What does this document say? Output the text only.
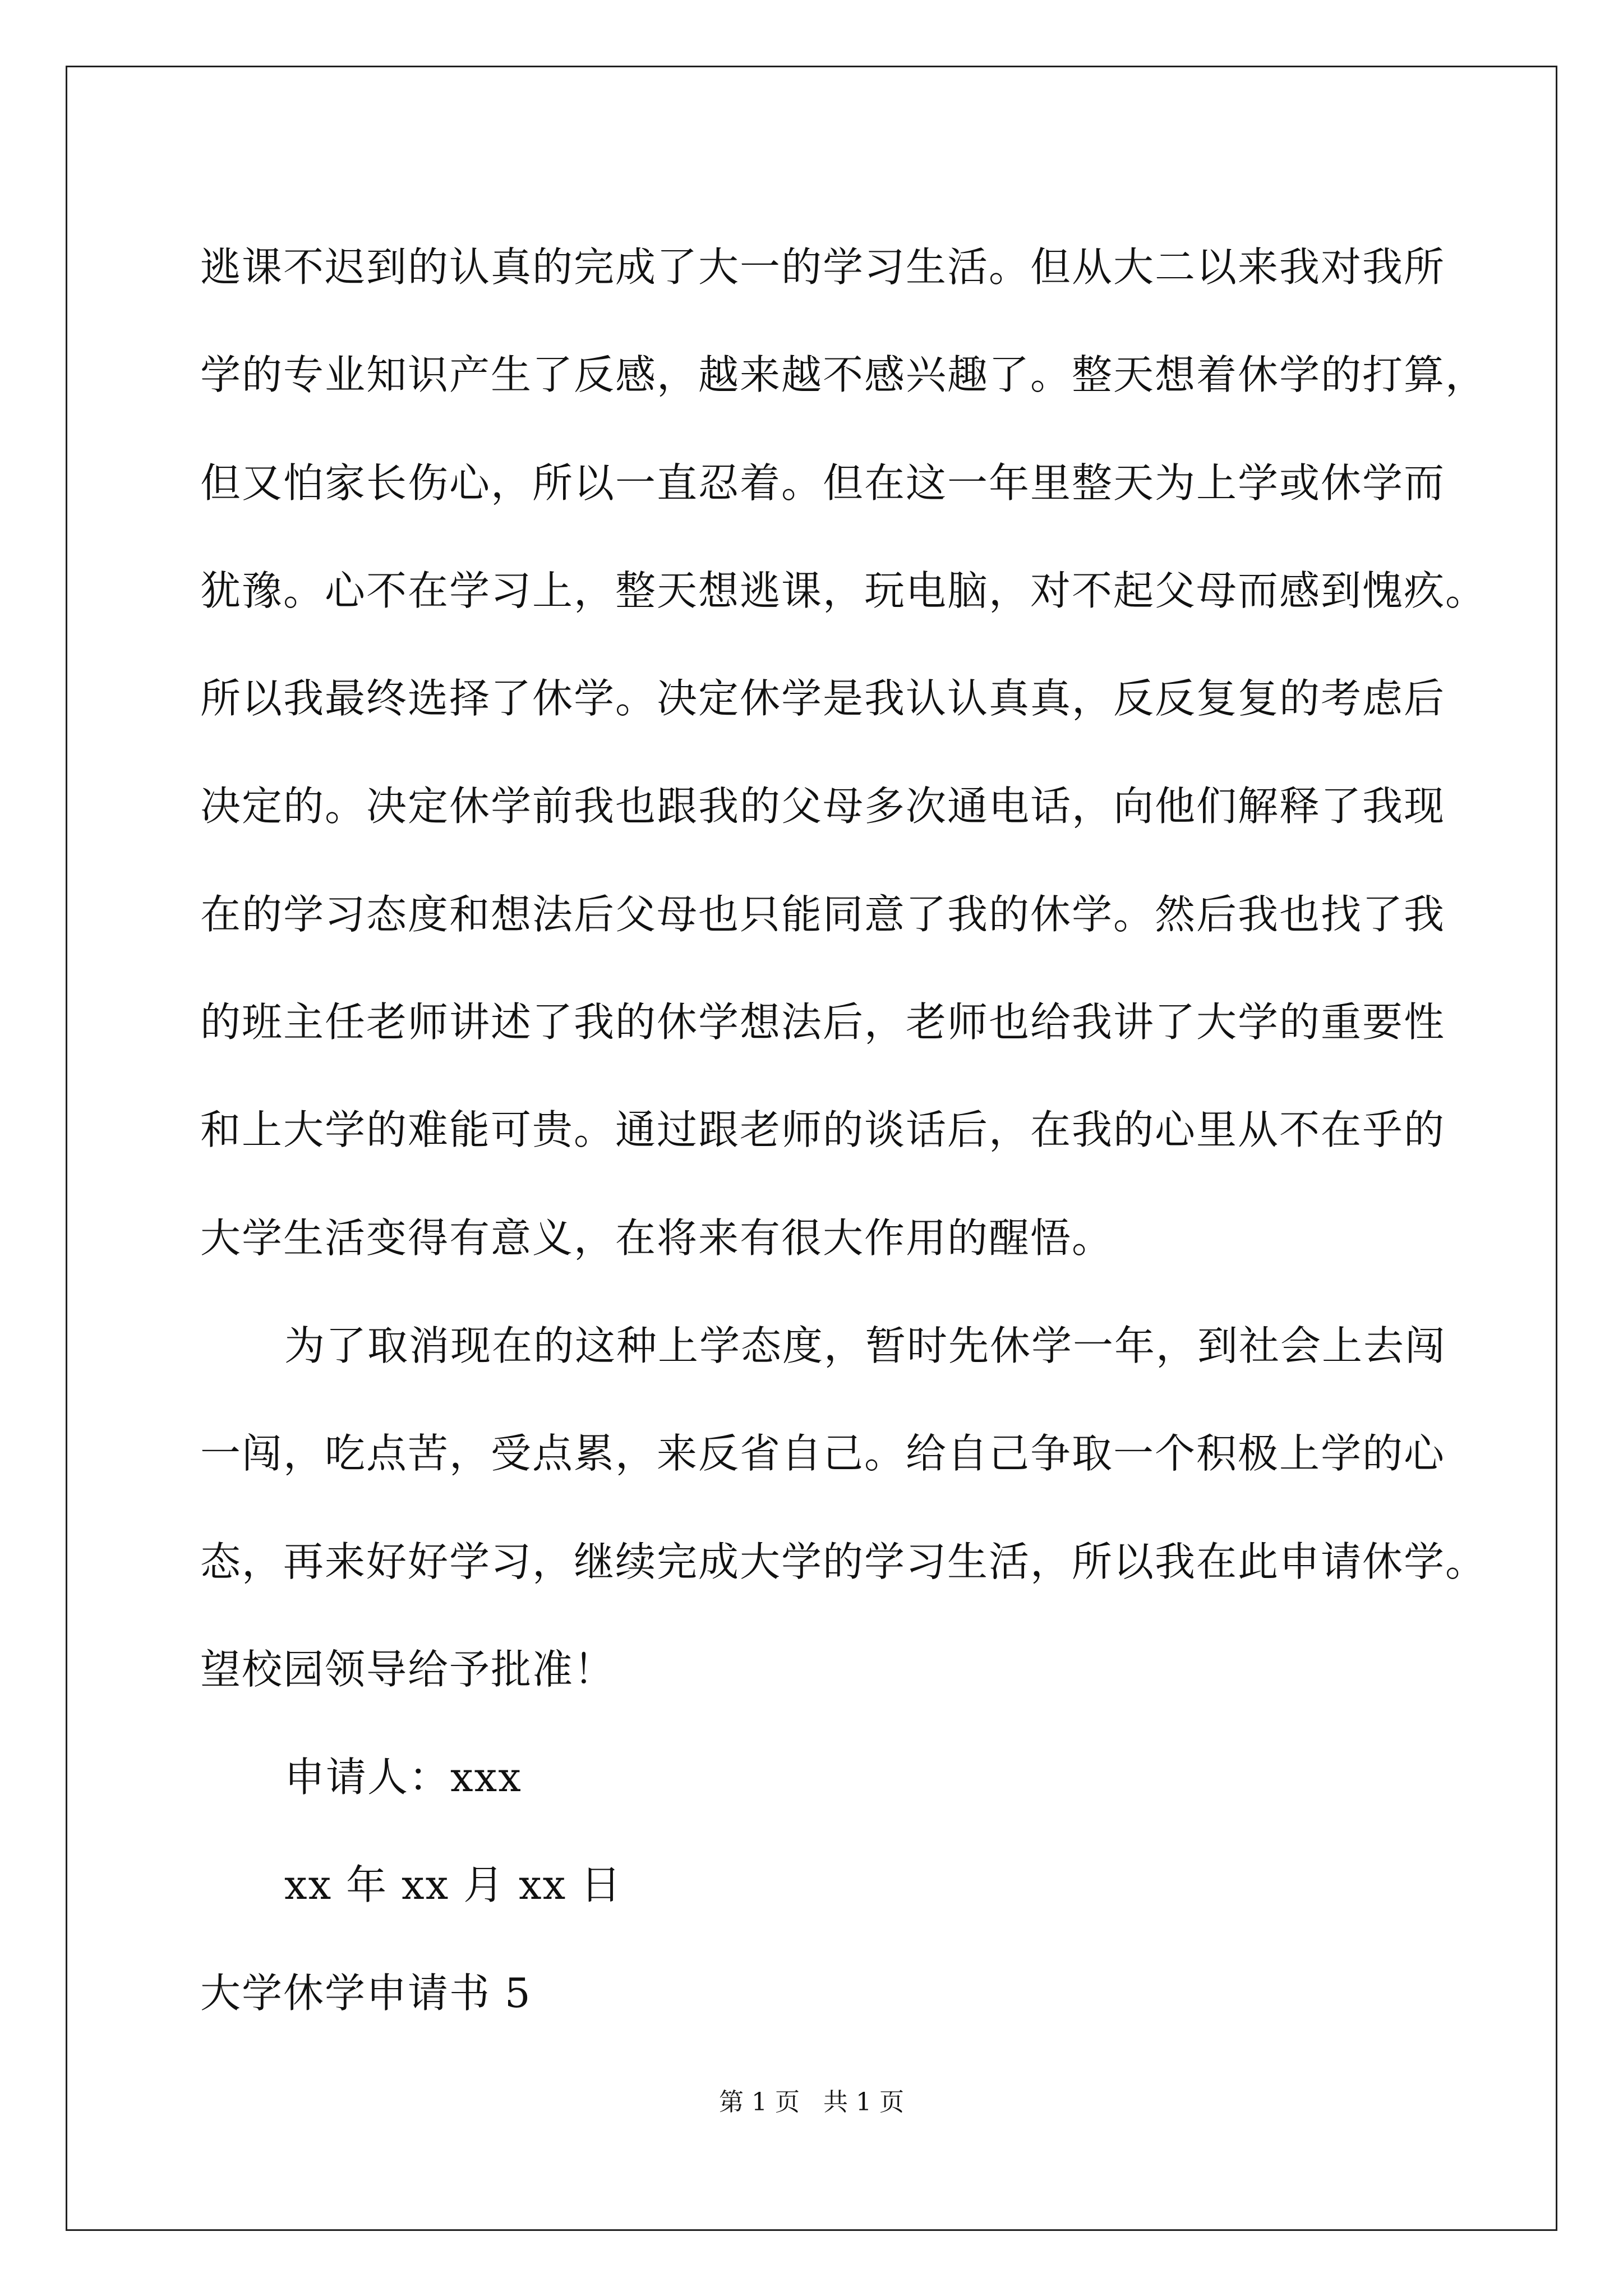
逃课不迟到的认真的完成了大一的学习生活。但从大二以来我对我所
学的专业知识产生了反感，越来越不感兴趣了。整天想着休学的打算，
但又怕家长伤心，所以一直忍着。但在这一年里整天为上学或休学而
犹豫。心不在学习上，整天想逃课，玩电脑，对不起父母而感到愧疚。
所以我最终选择了休学。决定休学是我认认真真，反反复复的考虑后
决定的。决定休学前我也跟我的父母多次通电话，向他们解释了我现
在的学习态度和想法后父母也只能同意了我的休学。然后我也找了我
的班主任老师讲述了我的休学想法后，老师也给我讲了大学的重要性
和上大学的难能可贵。通过跟老师的谈话后，在我的心里从不在乎的
大学生活变得有意义，在将来有很大作用的醒悟。
为了取消现在的这种上学态度，暂时先休学一年，到社会上去闯
一闯，吃点苦，受点累，来反省自己。给自己争取一个积极上学的心
态，再来好好学习，继续完成大学的学习生活，所以我在此申请休学。
望校园领导给予批准！
申请人：xxx
xx 年 xx 月 xx 日
大学休学申请书 5
第 1 页   共 1 页
